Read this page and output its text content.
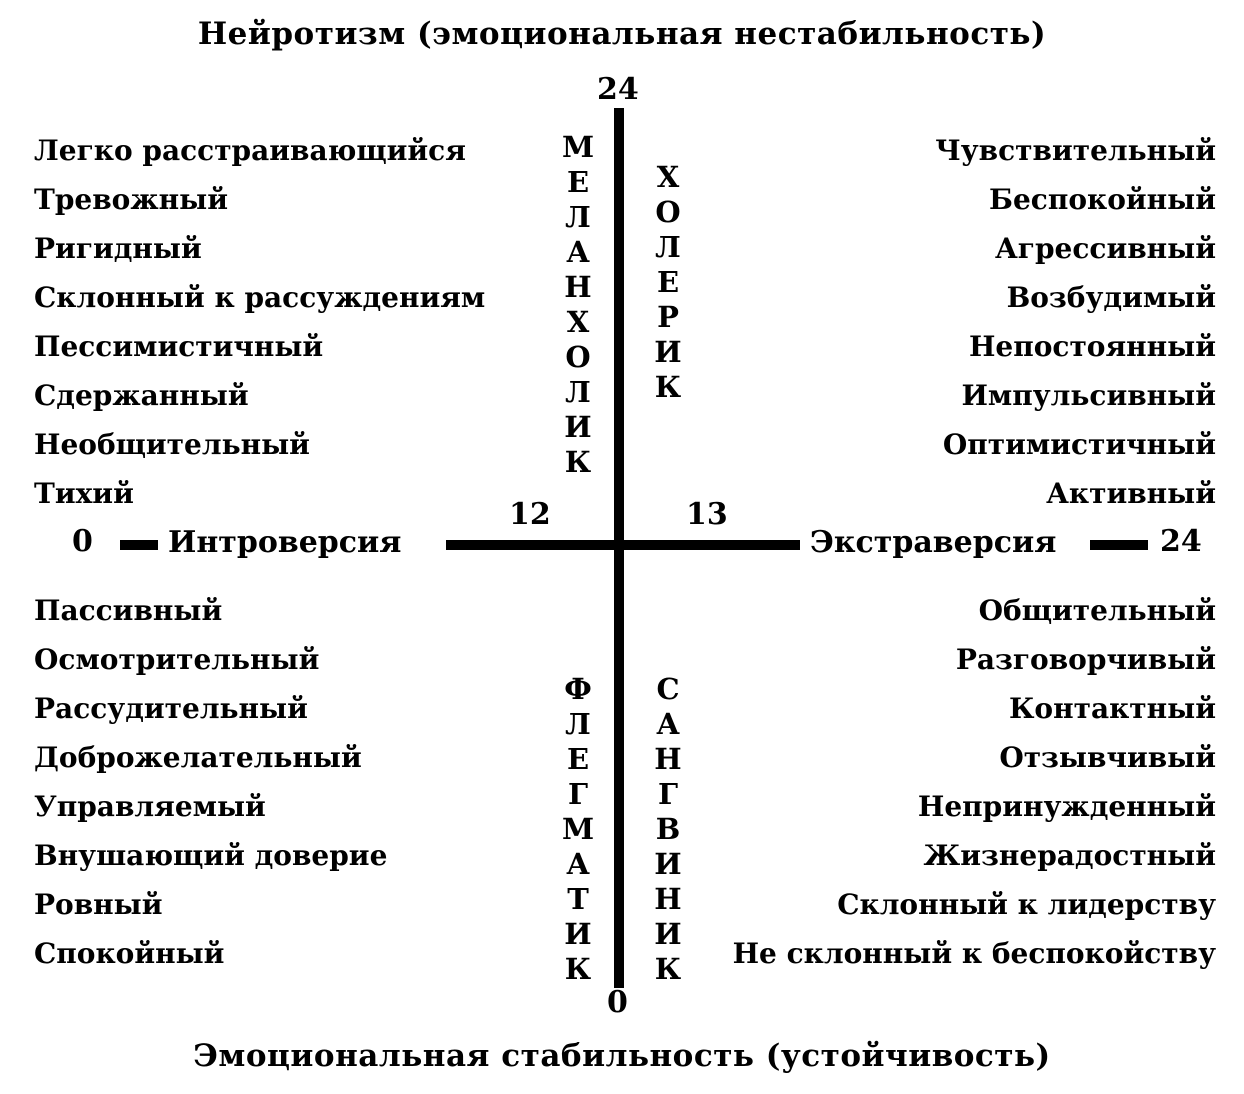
Нейротизм (эмоциональная нестабильность)
24
Интроверсия	Экстраверсия
0	24
12	13
МЕЛАНХОЛИК ХОЛЕРИК
ФЛЕГМАТИК САНГВИНИК
Легко расстраивающийся
Тревожный
Ригидный
Склонный к рассуждениям
Пессимистичный
Сдержанный
Необщительный
Тихий
Чувствительный
Беспокойный
Агрессивный
Возбудимый
Непостоянный
Импульсивный
Оптимистичный
Активный
Пассивный
Осмотрительный
Рассудительный
Доброжелательный
Управляемый
Внушающий доверие
Ровный
Спокойный
Общительный
Разговорчивый
Контактный
Отзывчивый
Непринужденный
Жизнерадостный
Склонный к лидерству
Не склонный к беспокойству
0
Эмоциональная стабильность (устойчивость)
